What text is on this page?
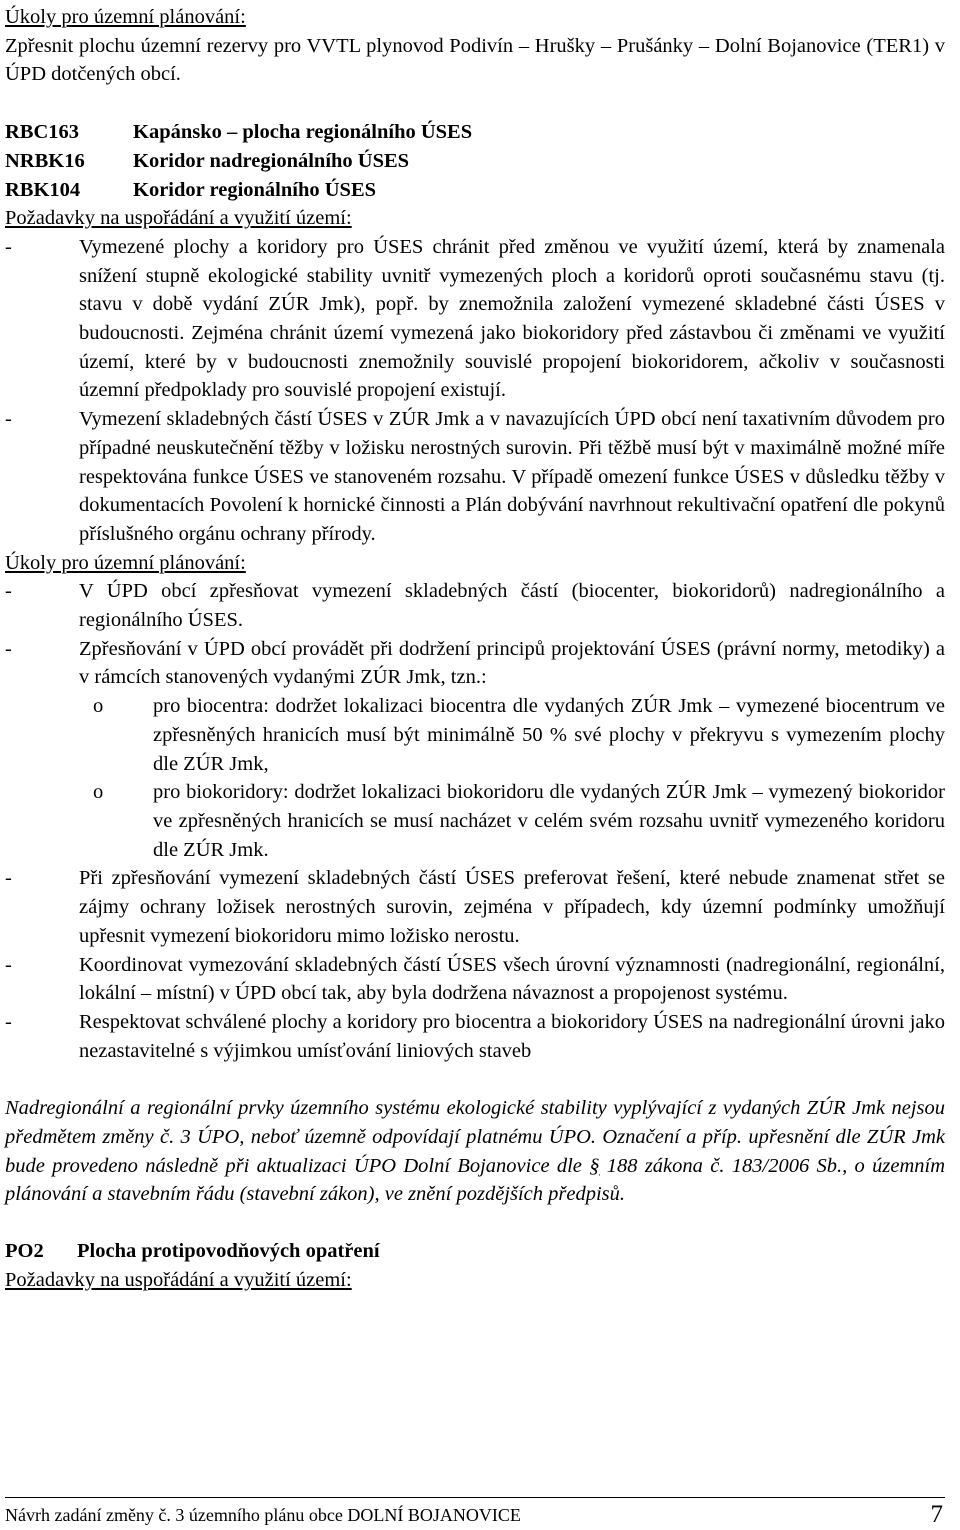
Úkoly pro územní plánování:

Zpřesnit plochu územní rezervy pro VVTL plynovod Podivín – Hrušky – Prušánky – Dolní Bojanovice (TER1) v ÚPD dotčených obcí.

RBC163	Kapánsko – plocha regionálního ÚSES
NRBK16	Koridor nadregionálního ÚSES
RBK104	Koridor regionálního ÚSES

Požadavky na uspořádání a využití území:

-	Vymezené plochy a koridory pro ÚSES chránit před změnou ve využití území, která by znamenala snížení stupně ekologické stability uvnitř vymezených ploch a koridorů oproti současnému stavu (tj. stavu v době vydání ZÚR Jmk), popř. by znemožnila založení vymezené skladebné části ÚSES v budoucnosti. Zejména chránit území vymezená jako biokoridory před zástavbou či změnami ve využití území, které by v budoucnosti znemožnily souvislé propojení biokoridorem, ačkoliv v současnosti územní předpoklady pro souvislé propojení existují.
-	Vymezení skladebných částí ÚSES v ZÚR Jmk a v navazujících ÚPD obcí není taxativním důvodem pro případné neuskutečnění těžby v ložisku nerostných surovin. Při těžbě musí být v maximálně možné míře respektována funkce ÚSES ve stanoveném rozsahu. V případě omezení funkce ÚSES v důsledku těžby v dokumentacích Povolení k hornické činnosti a Plán dobývání navrhnout rekultivační opatření dle pokynů příslušného orgánu ochrany přírody.

Úkoly pro územní plánování:

-	V ÚPD obcí zpřesňovat vymezení skladebných částí (biocenter, biokoridorů) nadregionálního a regionálního ÚSES.
-	Zpřesňování v ÚPD obcí provádět při dodržení principů projektování ÚSES (právní normy, metodiky) a v rámcích stanovených vydanými ZÚR Jmk, tzn.:
o	pro biocentra: dodržet lokalizaci biocentra dle vydaných ZÚR Jmk – vymezené biocentrum ve zpřesněných hranicích musí být minimálně 50 % své plochy v překryvu s vymezením plochy dle ZÚR Jmk,
o	pro biokoridory: dodržet lokalizaci biokoridoru dle vydaných ZÚR Jmk – vymezený biokoridor ve zpřesněných hranicích se musí nacházet v celém svém rozsahu uvnitř vymezeného koridoru dle ZÚR Jmk.
-	Při zpřesňování vymezení skladebných částí ÚSES preferovat řešení, které nebude znamenat střet se zájmy ochrany ložisek nerostných surovin, zejména v případech, kdy územní podmínky umožňují upřesnit vymezení biokoridoru mimo ložisko nerostu.
-	Koordinovat vymezování skladebných částí ÚSES všech úrovní významnosti (nadregionální, regionální, lokální – místní) v ÚPD obcí tak, aby byla dodržena návaznost a propojenost systému.
-	Respektovat schválené plochy a koridory pro biocentra a biokoridory ÚSES na nadregionální úrovni jako nezastavitelné s výjimkou umísťování liniových staveb

Nadregionální a regionální prvky územního systému ekologické stability vyplývající z vydaných ZÚR Jmk nejsou předmětem změny č. 3 ÚPO, neboť územně odpovídají platnému ÚPO. Označení a příp. upřesnění dle ZÚR Jmk bude provedeno následně při aktualizaci ÚPO Dolní Bojanovice dle § 188 zákona č. 183/2006 Sb., o územním plánování a stavebním řádu (stavební zákon), ve znění pozdějších předpisů.

PO2 Plocha protipovodňových opatření

Požadavky na uspořádání a využití území:

Návrh zadání změny č. 3 územního plánu obce DOLNÍ BOJANOVICE	7
